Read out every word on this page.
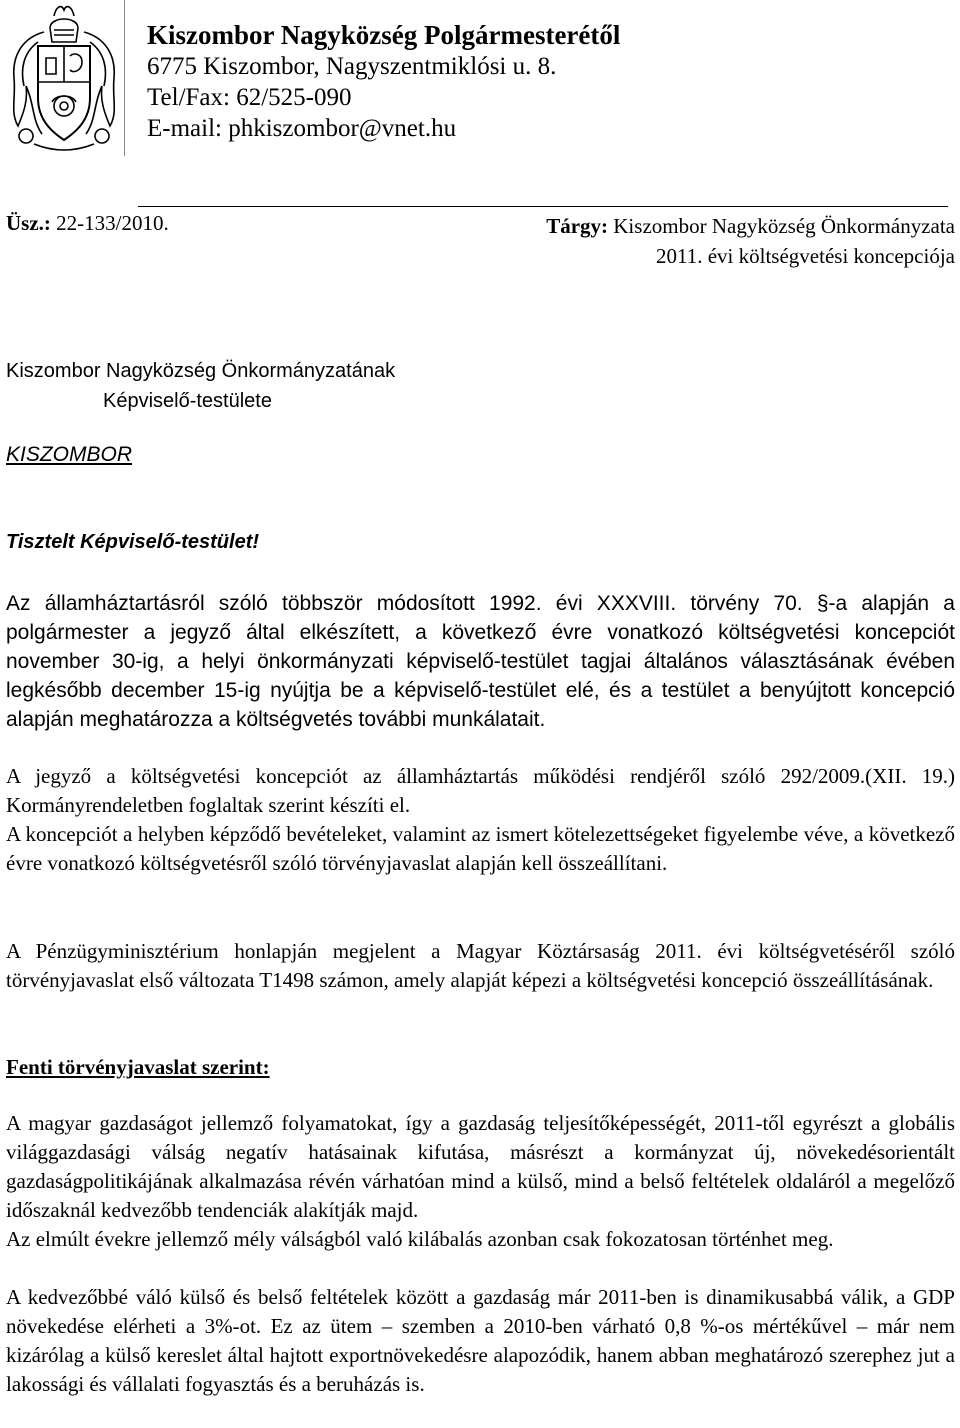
Kiszombor Nagyközség Polgármesterétől
6775 Kiszombor, Nagyszentmiklósi u. 8.
Tel/Fax: 62/525-090
E-mail: phkiszombor@vnet.hu
Üsz.: 22-133/2010.	Tárgy: Kiszombor Nagyközség Önkormányzata
2011. évi költségvetési koncepciója
Kiszombor Nagyközség Önkormányzatának
Képviselő-testülete
KISZOMBOR
Tisztelt Képviselő-testület!

Az államháztartásról szóló többször módosított 1992. évi XXXVIII. törvény 70. §-a alapján a polgármester a jegyző által elkészített, a következő évre vonatkozó költségvetési koncepciót november 30-ig, a helyi önkormányzati képviselő-testület tagjai általános választásának évében legkésőbb december 15-ig nyújtja be a képviselő-testület elé, és a testület a benyújtott koncepció alapján meghatározza a költségvetés további munkálatait.

A jegyző a költségvetési koncepciót az államháztartás működési rendjéről szóló 292/2009.(XII. 19.) Kormányrendeletben foglaltak szerint készíti el.

A koncepciót a helyben képződő bevételeket, valamint az ismert kötelezettségeket figyelembe véve, a következő évre vonatkozó költségvetésről szóló törvényjavaslat alapján kell összeállítani.

A Pénzügyminisztérium honlapján megjelent a Magyar Köztársaság 2011. évi költségvetéséről szóló törvényjavaslat első változata T1498 számon, amely alapját képezi a költségvetési koncepció összeállításának.

Fenti törvényjavaslat szerint:

A magyar gazdaságot jellemző folyamatokat, így a gazdaság teljesítőképességét, 2011-től egyrészt a globális világgazdasági válság negatív hatásainak kifutása, másrészt a kormányzat új, növekedésorientált gazdaságpolitikájának alkalmazása révén várhatóan mind a külső, mind a belső feltételek oldaláról a megelőző időszaknál kedvezőbb tendenciák alakítják majd.

Az elmúlt évekre jellemző mély válságból való kilábalás azonban csak fokozatosan történhet meg.

A kedvezőbbé váló külső és belső feltételek között a gazdaság már 2011-ben is dinamikusabbá válik, a GDP növekedése elérheti a 3%-ot. Ez az ütem – szemben a 2010-ben várható 0,8 %-os mértékűvel – már nem kizárólag a külső kereslet által hajtott exportnövekedésre alapozódik, hanem abban meghatározó szerephez jut a lakossági és vállalati fogyasztás és a beruházás is.
